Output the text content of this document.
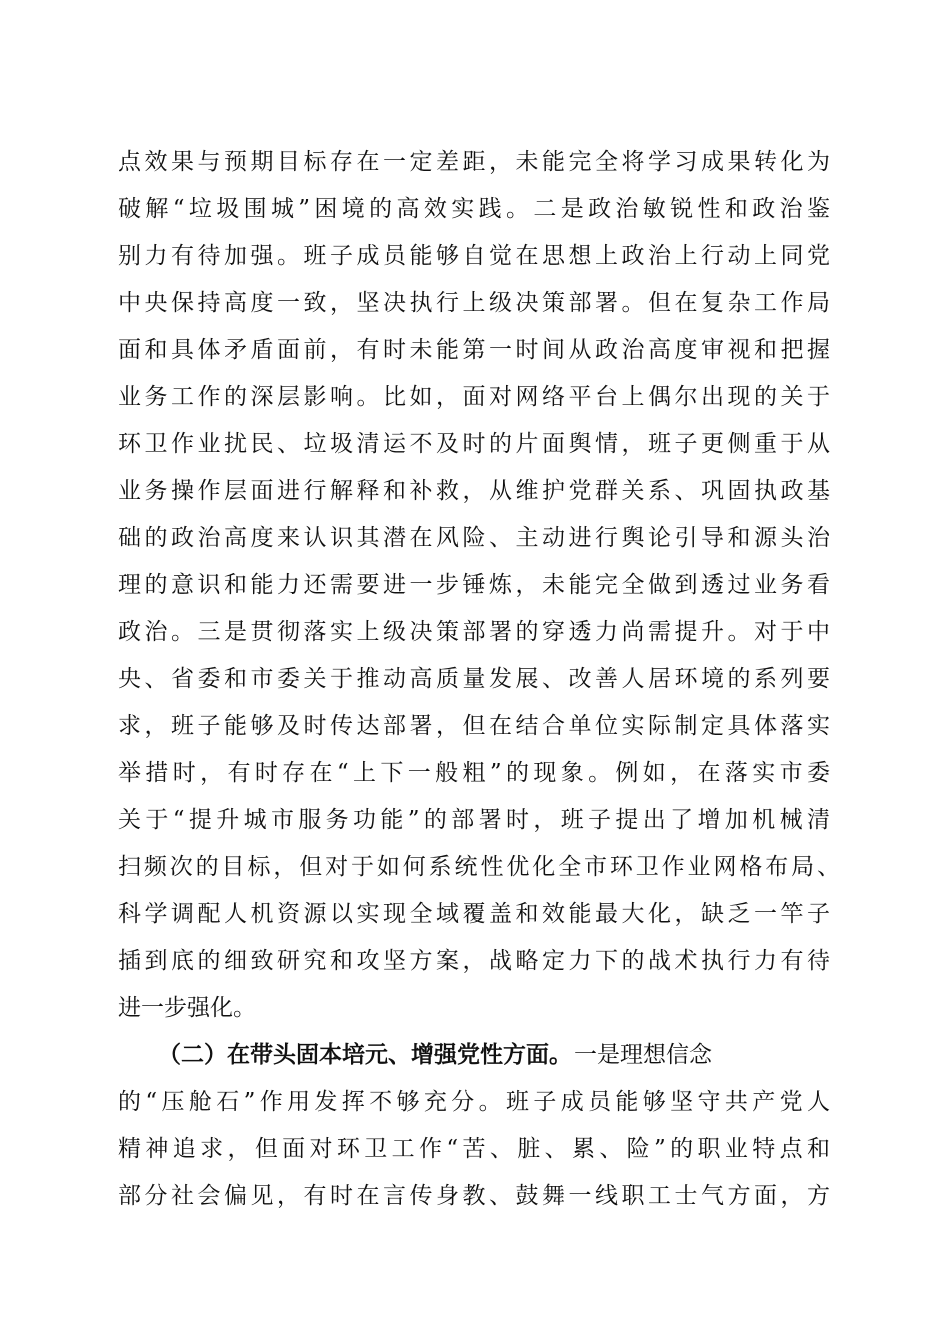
点效果与预期目标存在一定差距，未能完全将学习成果转化为
破解“垃圾围城”困境的高效实践。二是政治敏锐性和政治鉴
别力有待加强。班子成员能够自觉在思想上政治上行动上同党
中央保持高度一致，坚决执行上级决策部署。但在复杂工作局
面和具体矛盾面前，有时未能第一时间从政治高度审视和把握
业务工作的深层影响。比如，面对网络平台上偶尔出现的关于
环卫作业扰民、垃圾清运不及时的片面舆情，班子更侧重于从
业务操作层面进行解释和补救，从维护党群关系、巩固执政基
础的政治高度来认识其潜在风险、主动进行舆论引导和源头治
理的意识和能力还需要进一步锤炼，未能完全做到透过业务看
政治。三是贯彻落实上级决策部署的穿透力尚需提升。对于中
央、省委和市委关于推动高质量发展、改善人居环境的系列要
求，班子能够及时传达部署，但在结合单位实际制定具体落实
举措时，有时存在“上下一般粗”的现象。例如，在落实市委
关于“提升城市服务功能”的部署时，班子提出了增加机械清
扫频次的目标，但对于如何系统性优化全市环卫作业网格布局、
科学调配人机资源以实现全域覆盖和效能最大化，缺乏一竿子
插到底的细致研究和攻坚方案，战略定力下的战术执行力有待
进一步强化。
（二）在带头固本培元、增强党性方面。一是理想信念
的“压舱石”作用发挥不够充分。班子成员能够坚守共产党人
精神追求，但面对环卫工作“苦、脏、累、险”的职业特点和
部分社会偏见，有时在言传身教、鼓舞一线职工士气方面，方
